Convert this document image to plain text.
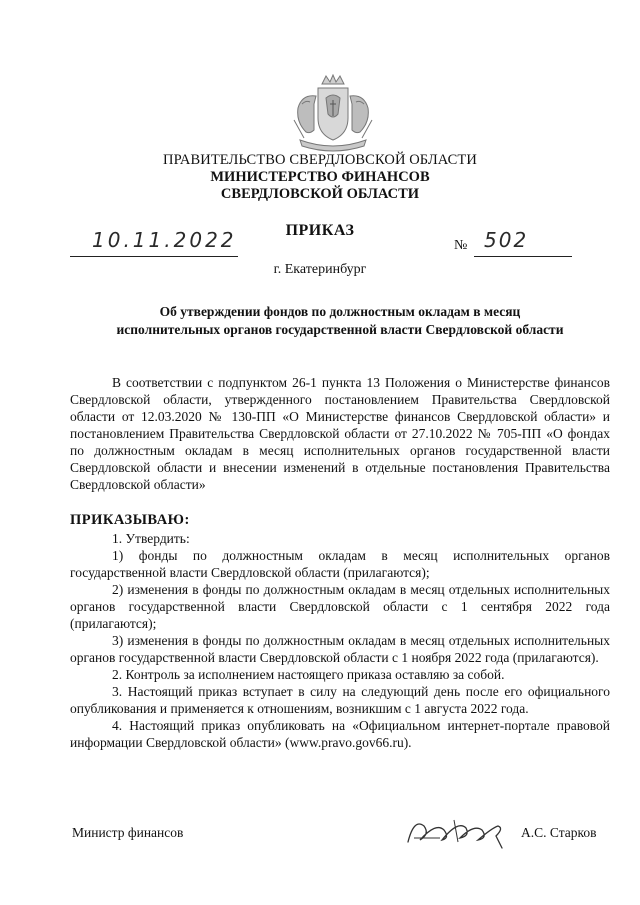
ПРАВИТЕЛЬСТВО СВЕРДЛОВСКОЙ ОБЛАСТИ
МИНИСТЕРСТВО ФИНАНСОВ
СВЕРДЛОВСКОЙ ОБЛАСТИ
ПРИКАЗ
10.11.2022	№ 502
г. Екатеринбург
Об утверждении фондов по должностным окладам в месяц
исполнительных органов государственной власти Свердловской области

В соответствии с подпунктом 26-1 пункта 13 Положения о Министерстве финансов Свердловской области, утвержденного постановлением Правительства Свердловской области от 12.03.2020 № 130-ПП «О Министерстве финансов Свердловской области» и постановлением Правительства Свердловской области от 27.10.2022 № 705-ПП «О фондах по должностным окладам в месяц исполнительных органов государственной власти Свердловской области и внесении изменений в отдельные постановления Правительства Свердловской области»

ПРИКАЗЫВАЮ:

1. Утвердить:

1) фонды по должностным окладам в месяц исполнительных органов государственной власти Свердловской области (прилагаются);

2) изменения в фонды по должностным окладам в месяц отдельных исполнительных органов государственной власти Свердловской области с 1 сентября 2022 года (прилагаются);

3) изменения в фонды по должностным окладам в месяц отдельных исполнительных органов государственной власти Свердловской области с 1 ноября 2022 года (прилагаются).

2. Контроль за исполнением настоящего приказа оставляю за собой.

3. Настоящий приказ вступает в силу на следующий день после его официального опубликования и применяется к отношениям, возникшим с 1 августа 2022 года.

4. Настоящий приказ опубликовать на «Официальном интернет-портале правовой информации Свердловской области» (www.pravo.gov66.ru).

Министр финансов	А.С. Старков
